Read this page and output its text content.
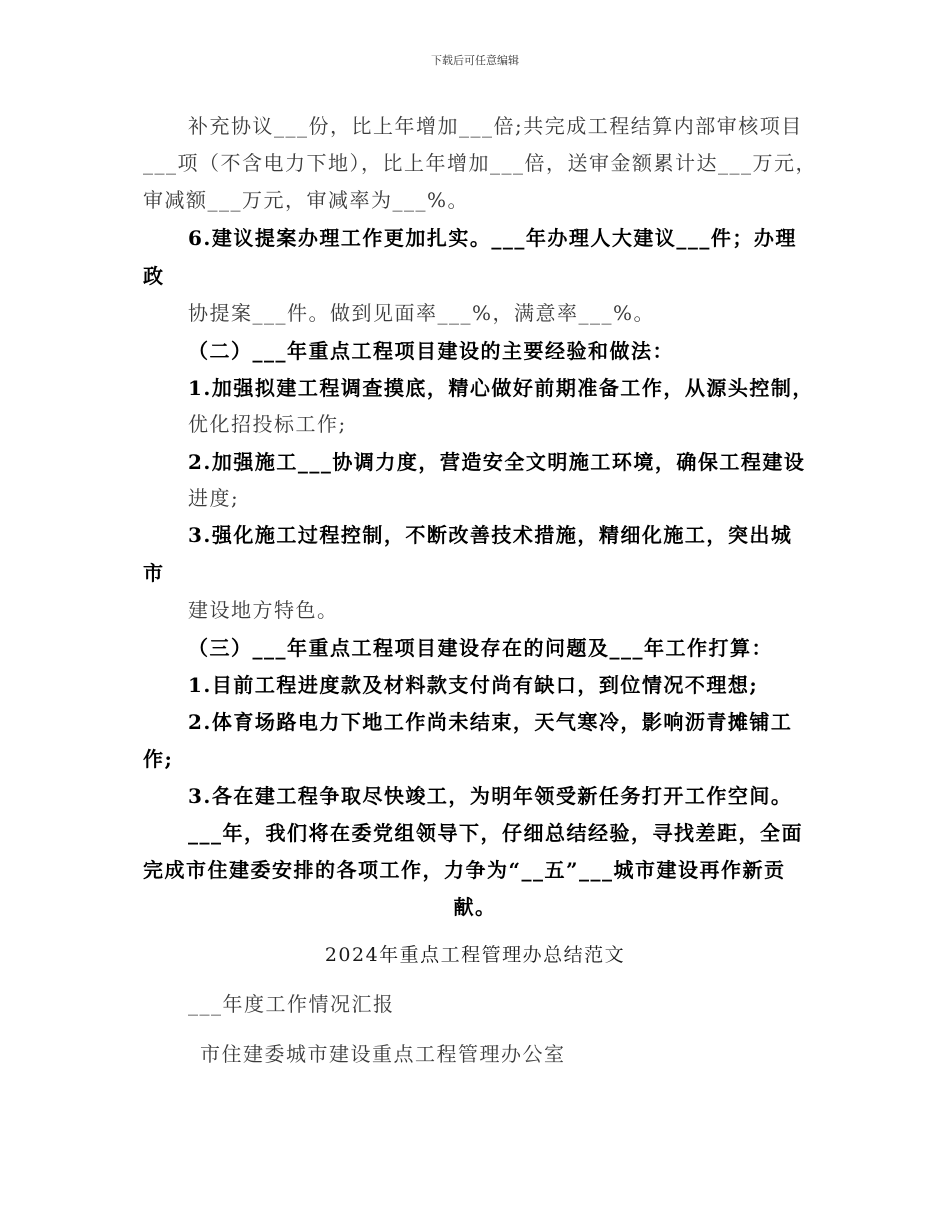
下载后可任意编辑
补充协议___份，比上年增加___倍;共完成工程结算内部审核项目
___项（不含电力下地），比上年增加___倍，送审金额累计达___万元，
审减额___万元，审减率为___%。
6.建议提案办理工作更加扎实。___年办理人大建议___件；办理
政
协提案___件。做到见面率___%，满意率___%。
（二）___年重点工程项目建设的主要经验和做法：
1.加强拟建工程调查摸底，精心做好前期准备工作，从源头控制，
优化招投标工作;
2.加强施工___协调力度，营造安全文明施工环境，确保工程建设
进度;
3.强化施工过程控制，不断改善技术措施，精细化施工，突出城
市
建设地方特色。
（三）___年重点工程项目建设存在的问题及___年工作打算：
1.目前工程进度款及材料款支付尚有缺口，到位情况不理想;
2.体育场路电力下地工作尚未结束，天气寒冷，影响沥青摊铺工
作;
3.各在建工程争取尽快竣工，为明年领受新任务打开工作空间。
___年，我们将在委党组领导下，仔细总结经验，寻找差距，全面
完成市住建委安排的各项工作，力争为“__五”___城市建设再作新贡
献。
2024年重点工程管理办总结范文
___年度工作情况汇报
市住建委城市建设重点工程管理办公室
